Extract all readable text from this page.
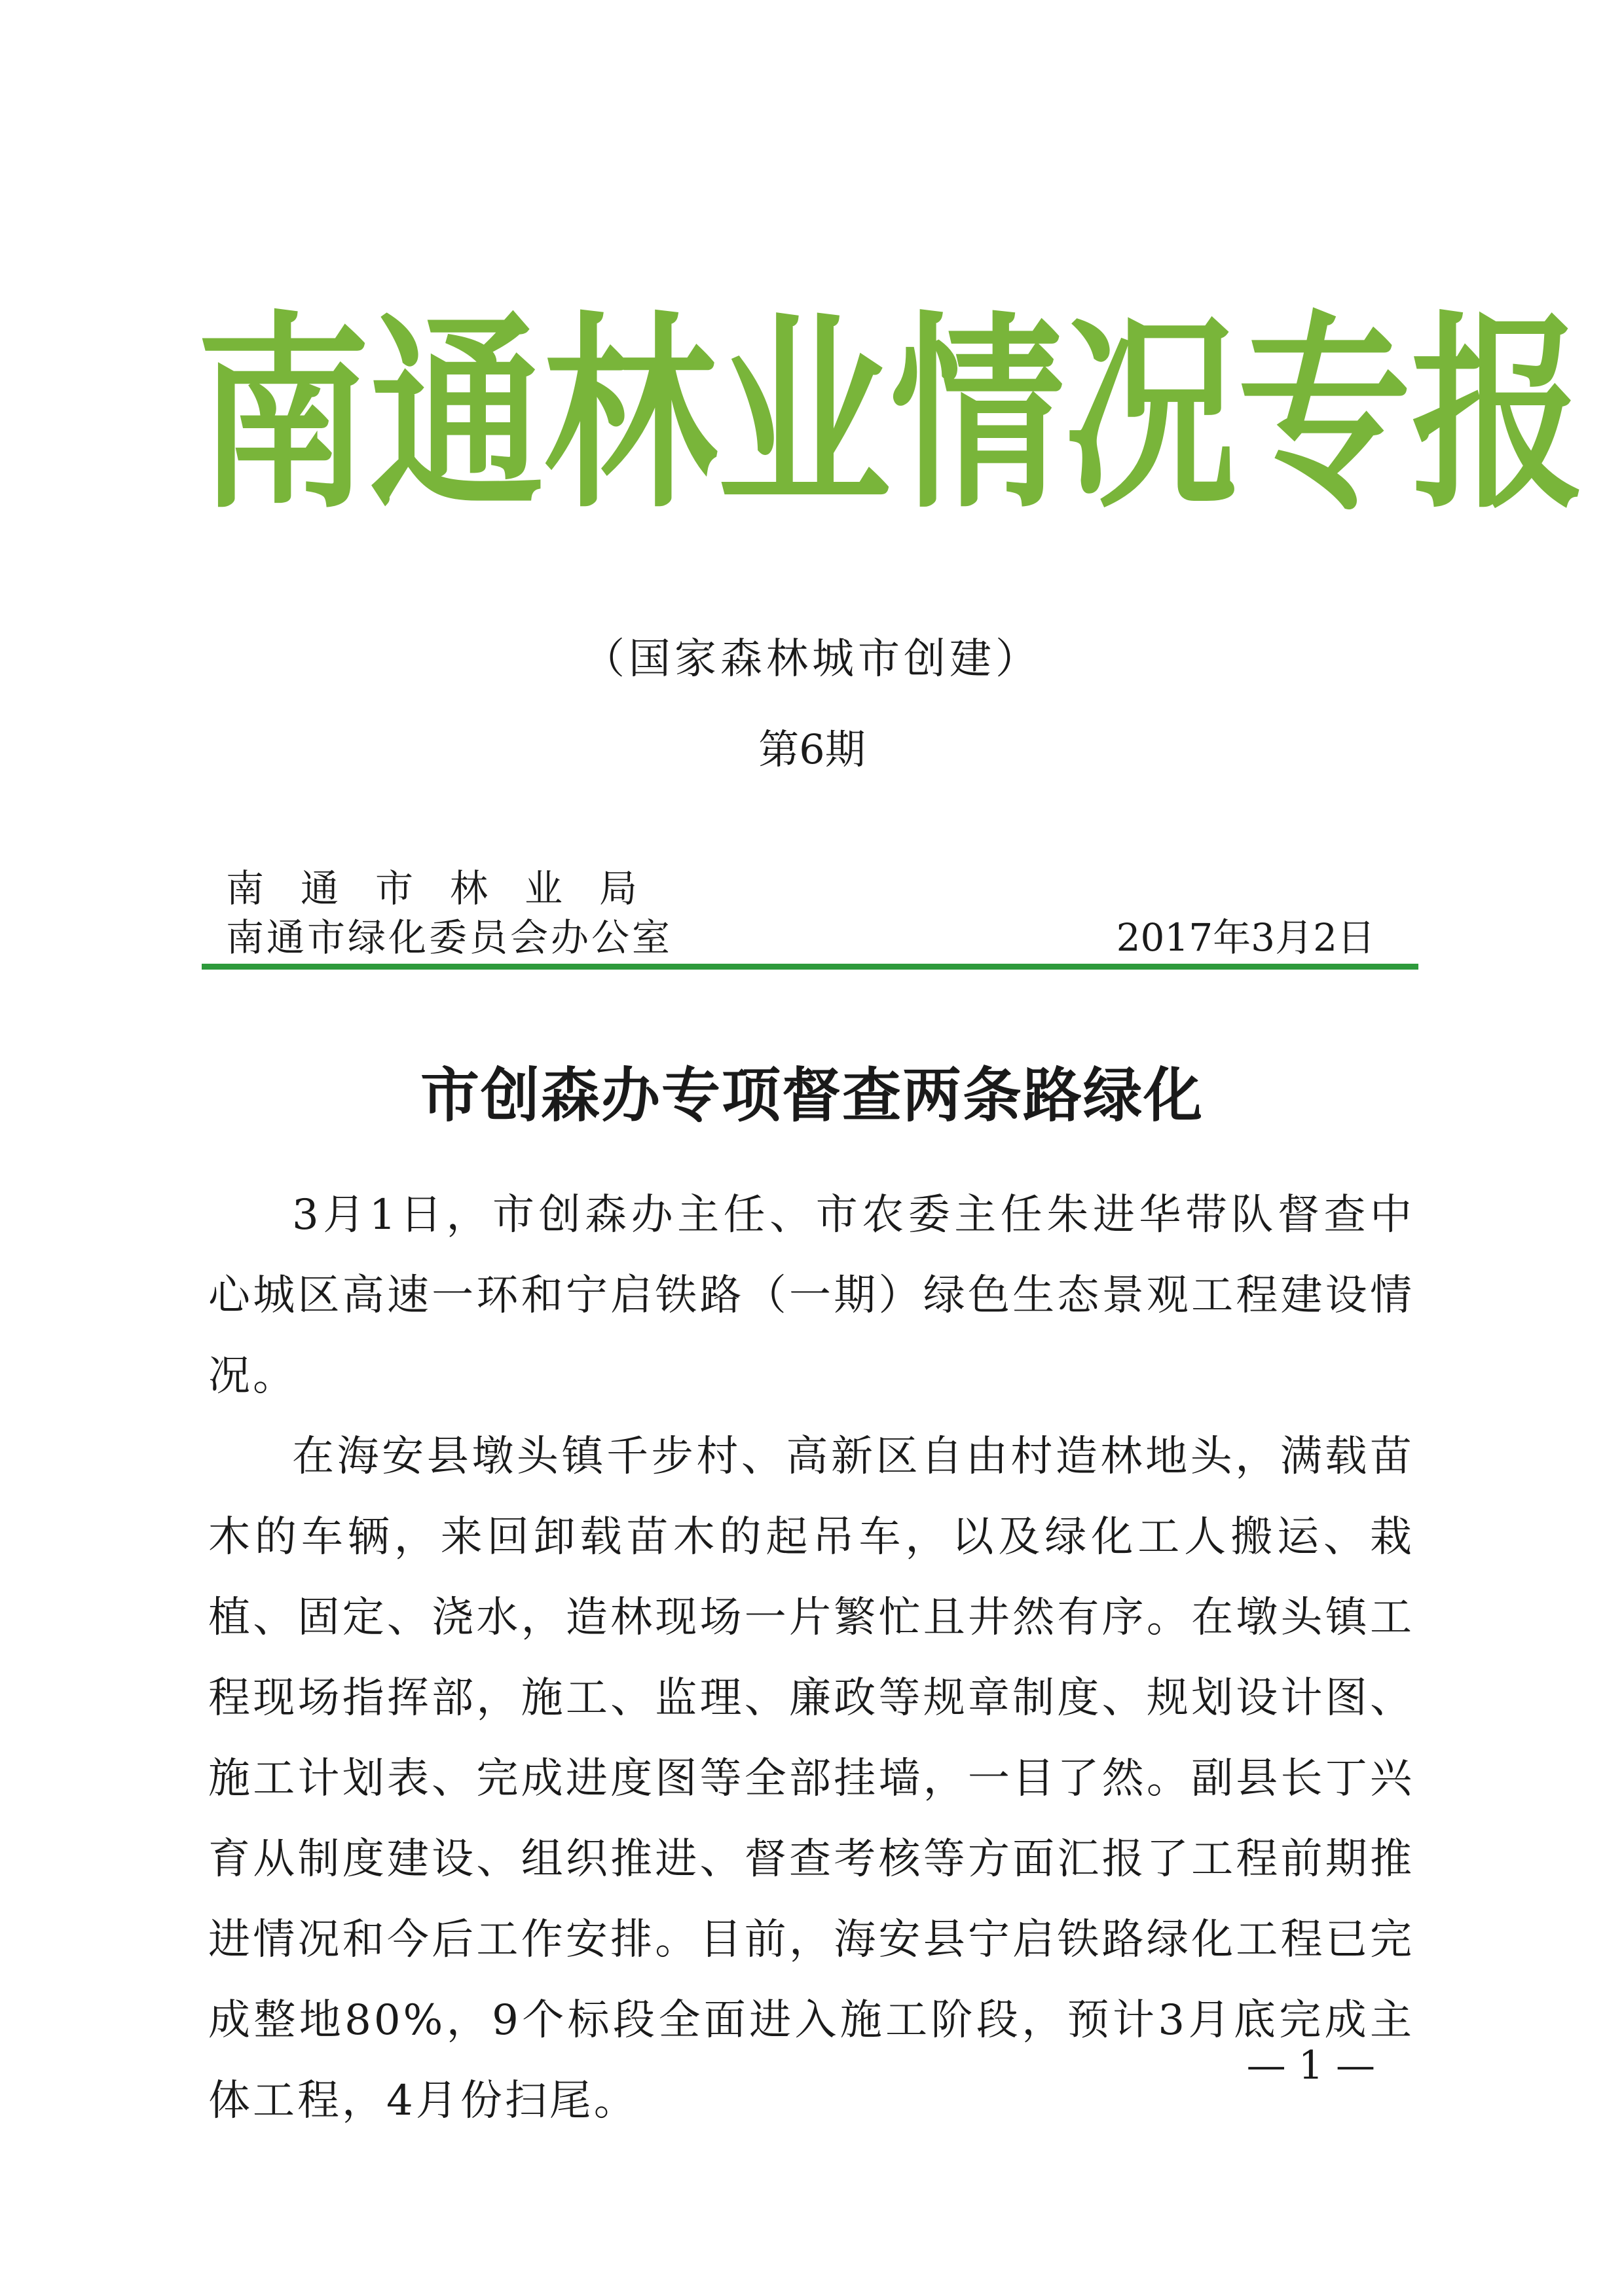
南 通 林 业 情 况 专 报
（国家森林城市创建）
第6期
南通市林业局
南通市绿化委员会办公室	2017年3月2日
市创森办专项督查两条路绿化

3月1日，市创森办主任、市农委主任朱进华带队督查中心城区高速一环和宁启铁路（一期）绿色生态景观工程建设情况。

在海安县墩头镇千步村、高新区自由村造林地头，满载苗木的车辆，来回卸载苗木的起吊车，以及绿化工人搬运、栽植、固定、浇水，造林现场一片繁忙且井然有序。在墩头镇工程现场指挥部，施工、监理、廉政等规章制度、规划设计图、施工计划表、完成进度图等全部挂墙，一目了然。副县长丁兴育从制度建设、组织推进、督查考核等方面汇报了工程前期推进情况和今后工作安排。目前，海安县宁启铁路绿化工程已完成整地80%，9个标段全面进入施工阶段，预计3月底完成主体工程，4月份扫尾。

— 1 —
